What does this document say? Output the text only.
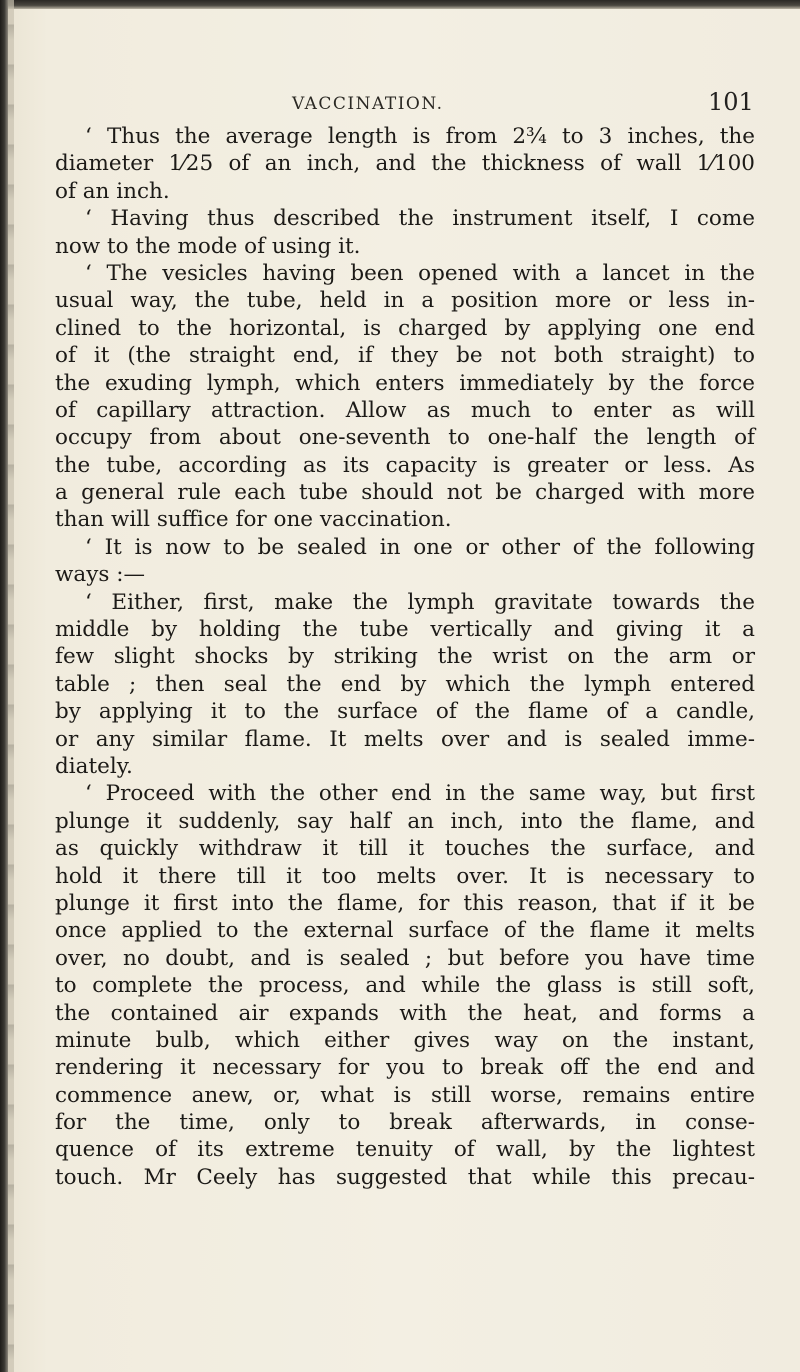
VACCINATION.	101
‘ Thus the average length is from 2¾ to 3 inches, the
diameter 1⁄25 of an inch, and the thickness of wall 1⁄100
of an inch.
‘ Having thus described the instrument itself, I come
now to the mode of using it.
‘ The vesicles having been opened with a lancet in the
usual way, the tube, held in a position more or less in-
clined to the horizontal, is charged by applying one end
of it (the straight end, if they be not both straight) to
the exuding lymph, which enters immediately by the force
of capillary attraction. Allow as much to enter as will
occupy from about one-seventh to one-half the length of
the tube, according as its capacity is greater or less. As
a general rule each tube should not be charged with more
than will suffice for one vaccination.
‘ It is now to be sealed in one or other of the following
ways :—
‘ Either, first, make the lymph gravitate towards the
middle by holding the tube vertically and giving it a
few slight shocks by striking the wrist on the arm or
table ; then seal the end by which the lymph entered
by applying it to the surface of the flame of a candle,
or any similar flame. It melts over and is sealed imme-
diately.
‘ Proceed with the other end in the same way, but first
plunge it suddenly, say half an inch, into the flame, and
as quickly withdraw it till it touches the surface, and
hold it there till it too melts over. It is necessary to
plunge it first into the flame, for this reason, that if it be
once applied to the external surface of the flame it melts
over, no doubt, and is sealed ; but before you have time
to complete the process, and while the glass is still soft,
the contained air expands with the heat, and forms a
minute bulb, which either gives way on the instant,
rendering it necessary for you to break off the end and
commence anew, or, what is still worse, remains entire
for the time, only to break afterwards, in conse-
quence of its extreme tenuity of wall, by the lightest
touch. Mr Ceely has suggested that while this precau-
